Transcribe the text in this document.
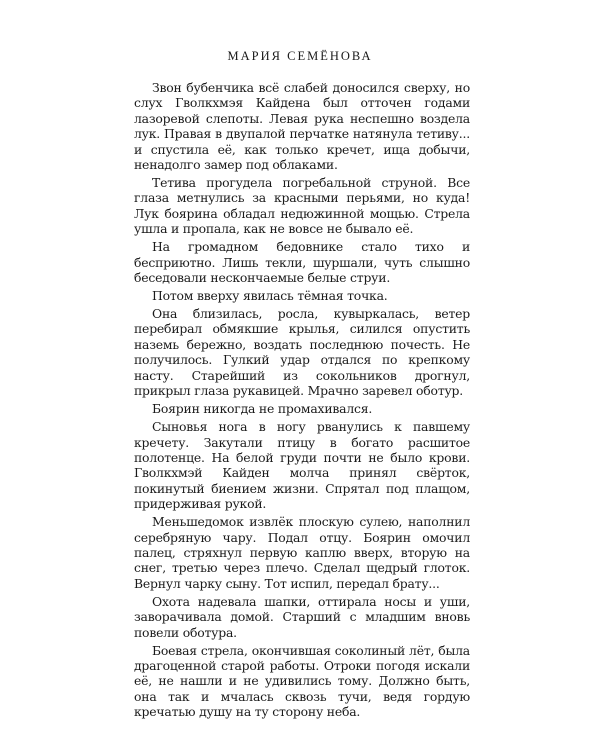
МАРИЯ СЕМЁНОВА

Звон бубенчика всё слабей доносился сверху, но слух Гволкхмэя Кайдена был отточен годами лазоревой слепоты. Левая рука неспешно воздела лук. Правая в двупалой перчатке натянула тетиву... и спустила её, как только кречет, ища добычи, ненадолго замер под облаками.

Тетива прогудела погребальной струной. Все глаза метнулись за красными перьями, но куда! Лук боярина обладал недюжинной мощью. Стрела ушла и пропала, как не вовсе не бывало её.

На громадном бедовнике стало тихо и бесприютно. Лишь текли, шуршали, чуть слышно беседовали нескончаемые белые струи.

Потом вверху явилась тёмная точка.

Она близилась, росла, кувыркалась, ветер перебирал обмякшие крылья, силился опустить наземь бережно, воздать последнюю почесть. Не получилось. Гулкий удар отдался по крепкому насту. Старейший из сокольников дрогнул, прикрыл глаза рукавицей. Мрачно заревел оботур.

Боярин никогда не промахивался.

Сыновья нога в ногу рванулись к павшему кречету. Закутали птицу в богато расшитое полотенце. На белой груди почти не было крови. Гволкхмэй Кайден молча принял свёрток, покинутый биением жизни. Спрятал под плащом, придерживая рукой.

Меньшедомок извлёк плоскую сулею, наполнил серебряную чару. Подал отцу. Боярин омочил палец, стряхнул первую каплю вверх, вторую на снег, третью через плечо. Сделал щедрый глоток. Вернул чарку сыну. Тот испил, передал брату...

Охота надевала шапки, оттирала носы и уши, заворачивала домой. Старший с младшим вновь повели оботура.

Боевая стрела, окончившая соколиный лёт, была драгоценной старой работы. Отроки погодя искали её, не нашли и не удивились тому. Должно быть, она так и мчалась сквозь тучи, ведя гордую кречатью душу на ту сторону неба.
